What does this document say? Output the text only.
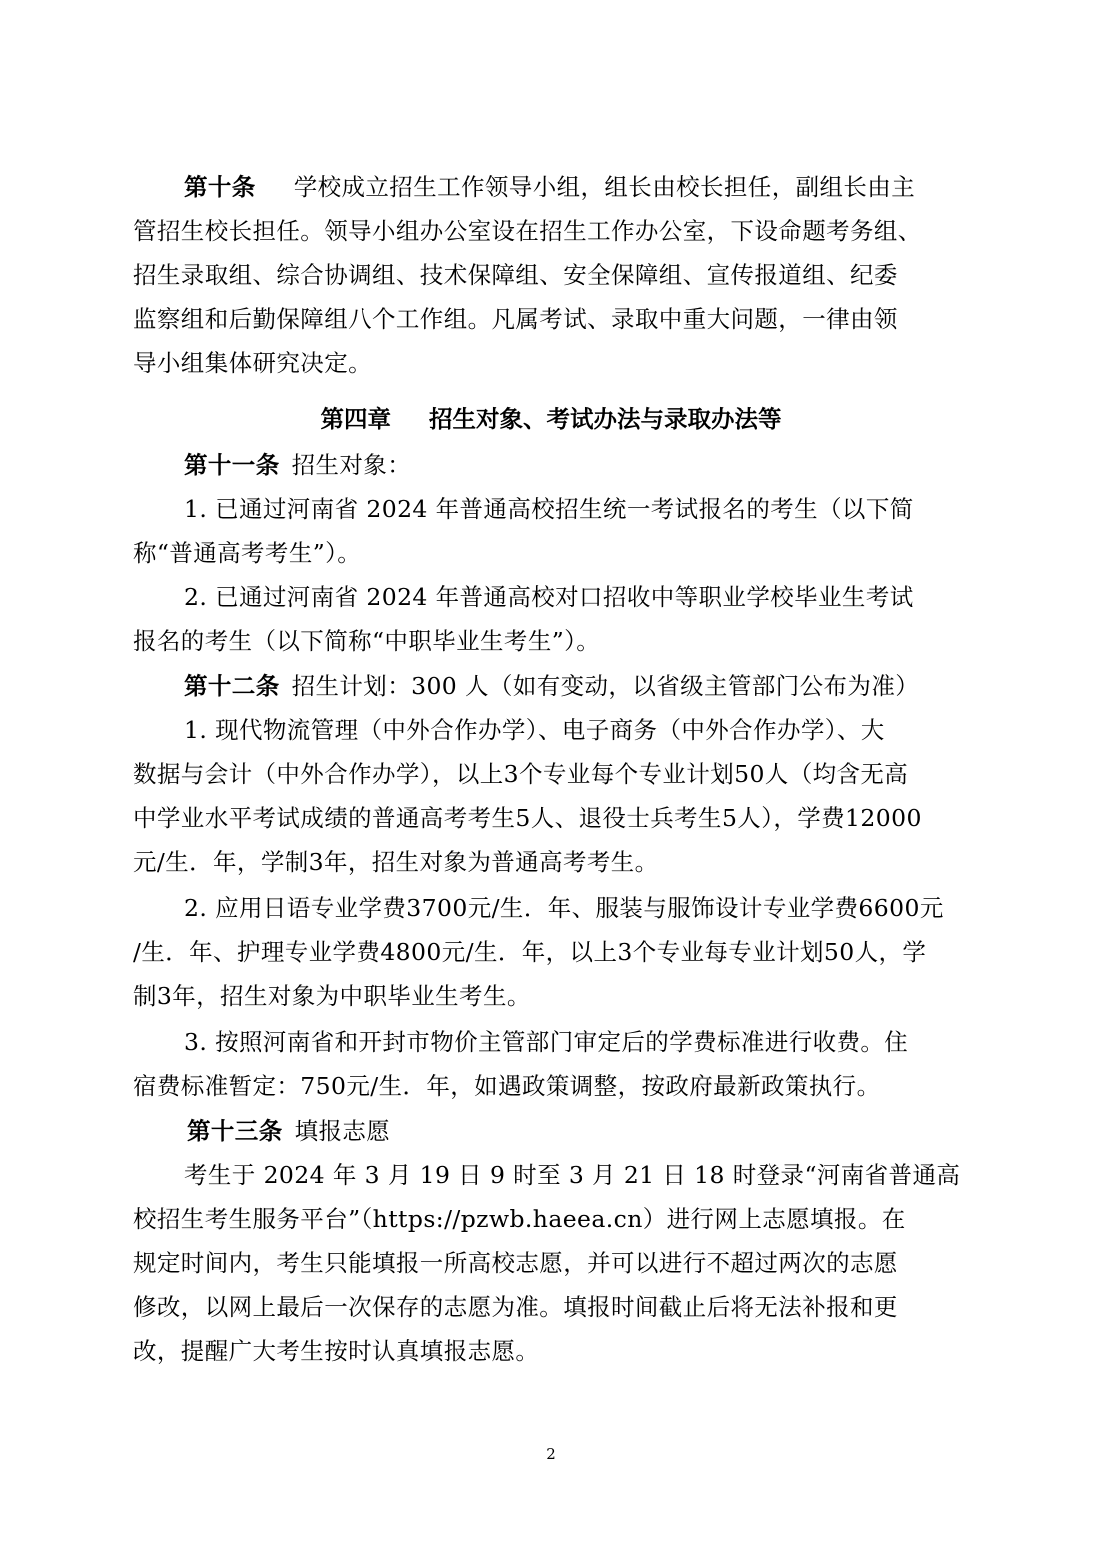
第十条 学校成立招生工作领导小组，组长由校长担任，副组长由主
管招生校长担任。领导小组办公室设在招生工作办公室，下设命题考务组、
招生录取组、综合协调组、技术保障组、安全保障组、宣传报道组、纪委
监察组和后勤保障组八个工作组。凡属考试、录取中重大问题，一律由领
导小组集体研究决定。
第四章 招生对象、考试办法与录取办法等
第十一条 招生对象：
1. 已通过河南省 2024 年普通高校招生统一考试报名的考生（以下简
称“普通高考考生”）。
2. 已通过河南省 2024 年普通高校对口招收中等职业学校毕业生考试
报名的考生（以下简称“中职毕业生考生”）。
第十二条 招生计划：300 人（如有变动，以省级主管部门公布为准）
1. 现代物流管理（中外合作办学）、电子商务（中外合作办学）、大
数据与会计（中外合作办学），以上3个专业每个专业计划50人（均含无高
中学业水平考试成绩的普通高考考生5人、退役士兵考生5人），学费12000
元/生．年，学制3年，招生对象为普通高考考生。
2. 应用日语专业学费3700元/生．年、服装与服饰设计专业学费6600元
/生．年、护理专业学费4800元/生．年，以上3个专业每专业计划50人，学
制3年，招生对象为中职毕业生考生。
3. 按照河南省和开封市物价主管部门审定后的学费标准进行收费。住
宿费标准暂定：750元/生．年，如遇政策调整，按政府最新政策执行。
第十三条 填报志愿
考生于 2024 年 3 月 19 日 9 时至 3 月 21 日 18 时登录“河南省普通高
校招生考生服务平台”（https://pzwb.haeea.cn）进行网上志愿填报。在
规定时间内，考生只能填报一所高校志愿，并可以进行不超过两次的志愿
修改，以网上最后一次保存的志愿为准。填报时间截止后将无法补报和更
改，提醒广大考生按时认真填报志愿。
2
